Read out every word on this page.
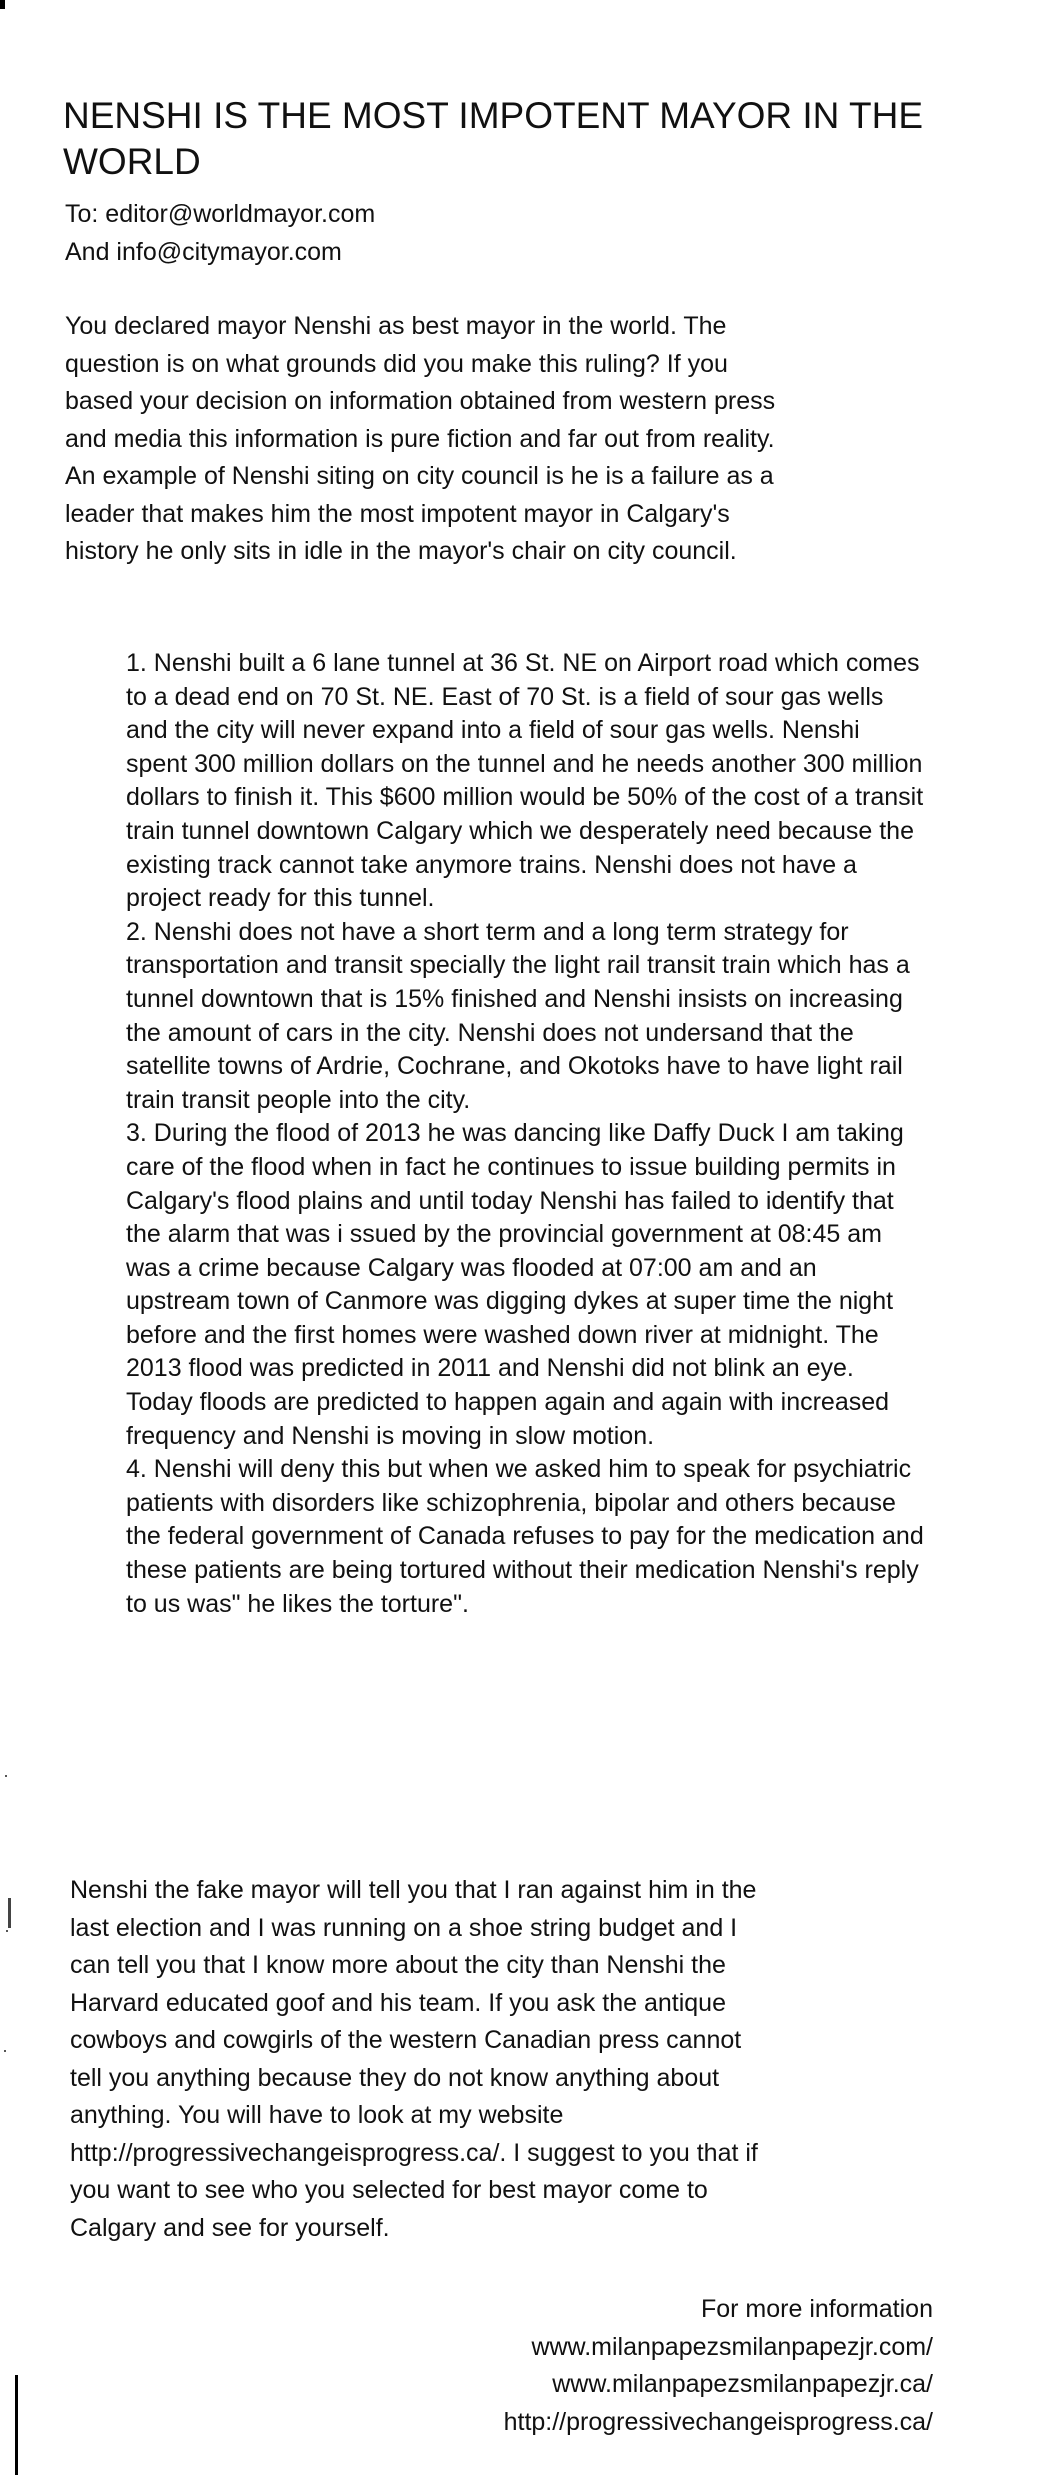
NENSHI IS THE MOST IMPOTENT MAYOR IN THE WORLD

To: editor@worldmayor.com

And info@citymayor.com

You declared mayor Nenshi as best mayor in the world. The question is on what grounds did you make this ruling? If you based your decision on information obtained from western press and media this information is pure fiction and far out from reality. An example of Nenshi siting on city council is he is a failure as a leader that makes him the most impotent mayor in Calgary's history he only sits in idle in the mayor's chair on city council.

1. Nenshi built a 6 lane tunnel at 36 St. NE on Airport road which comes to a dead end on 70 St. NE. East of 70 St. is a field of sour gas wells and the city will never expand into a field of sour gas wells. Nenshi spent 300 million dollars on the tunnel and he needs another 300 million dollars to finish it. This $600 million would be 50% of the cost of a transit train tunnel downtown Calgary which we desperately need because the existing track cannot take anymore trains. Nenshi does not have a project ready for this tunnel.

2. Nenshi does not have a short term and a long term strategy for transportation and transit specially the light rail transit train which has a tunnel downtown that is 15% finished and Nenshi insists on increasing the amount of cars in the city. Nenshi does not undersand that the satellite towns of Ardrie, Cochrane, and Okotoks have to have light rail train transit people into the city.

3. During the flood of 2013 he was dancing like Daffy Duck I am taking care of the flood when in fact he continues to issue building permits in Calgary's flood plains and until today Nenshi has failed to identify that the alarm that was i ssued by the provincial government at 08:45 am was a crime because Calgary was flooded at 07:00 am and an upstream town of Canmore was digging dykes at super time the night before and the first homes were washed down river at midnight. The 2013 flood was predicted in 2011 and Nenshi did not blink an eye. Today floods are predicted to happen again and again with increased frequency and Nenshi is moving in slow motion.

4. Nenshi will deny this but when we asked him to speak for psychiatric patients with disorders like schizophrenia, bipolar and others because the federal government of Canada refuses to pay for the medication and these patients are being tortured without their medication Nenshi's reply to us was" he likes the torture".

Nenshi the fake mayor will tell you that I ran against him in the last election and I was running on a shoe string budget and I can tell you that I know more about the city than Nenshi the Harvard educated goof and his team. If you ask the antique cowboys and cowgirls of the western Canadian press cannot tell you anything because they do not know anything about anything. You will have to look at my website http://progressivechangeisprogress.ca/. I suggest to you that if you want to see who you selected for best mayor come to Calgary and see for yourself.

For more information
www.milanpapezsmilanpapezjr.com/
www.milanpapezsmilanpapezjr.ca/
http://progressivechangeisprogress.ca/
